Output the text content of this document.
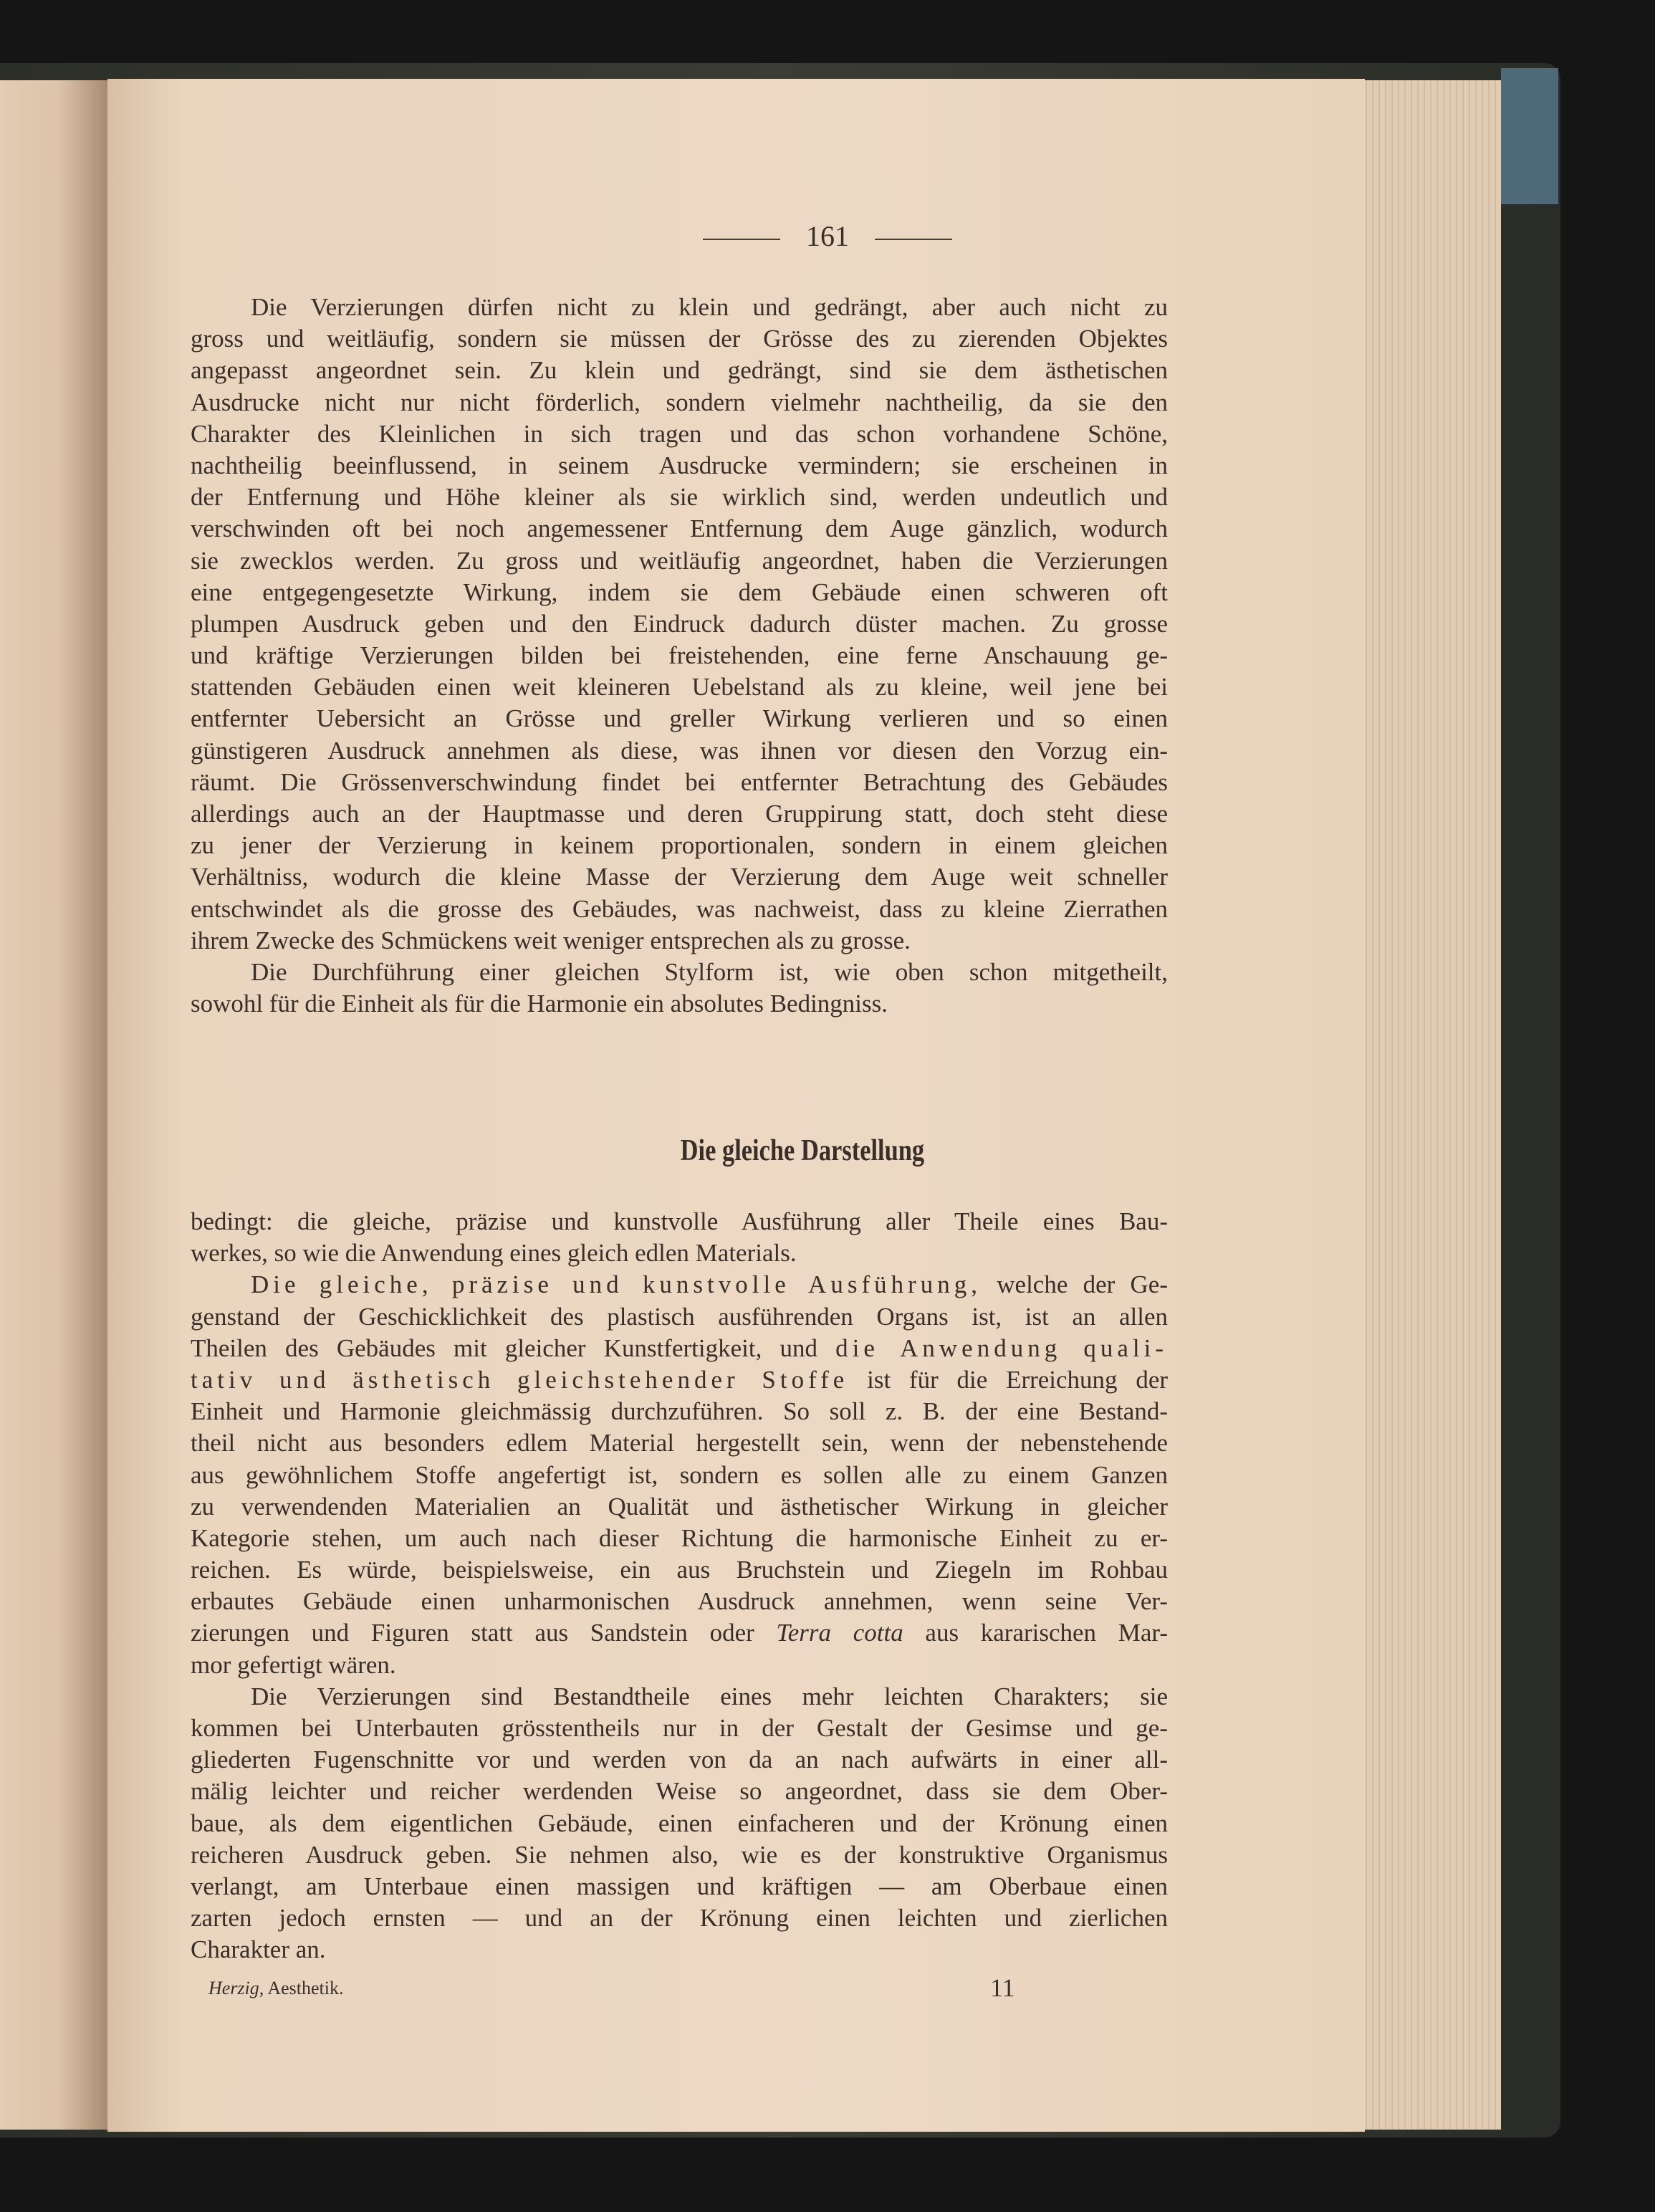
161
Die Verzierungen dürfen nicht zu klein und gedrängt, aber auch nicht zu
gross und weitläufig, sondern sie müssen der Grösse des zu zierenden Objektes
angepasst angeordnet sein. Zu klein und gedrängt, sind sie dem ästhetischen
Ausdrucke nicht nur nicht förderlich, sondern vielmehr nachtheilig, da sie den
Charakter des Kleinlichen in sich tragen und das schon vorhandene Schöne,
nachtheilig beeinflussend, in seinem Ausdrucke vermindern; sie erscheinen in
der Entfernung und Höhe kleiner als sie wirklich sind, werden undeutlich und
verschwinden oft bei noch angemessener Entfernung dem Auge gänzlich, wodurch
sie zwecklos werden. Zu gross und weitläufig angeordnet, haben die Verzierungen
eine entgegengesetzte Wirkung, indem sie dem Gebäude einen schweren oft
plumpen Ausdruck geben und den Eindruck dadurch düster machen. Zu grosse
und kräftige Verzierungen bilden bei freistehenden, eine ferne Anschauung ge-
stattenden Gebäuden einen weit kleineren Uebelstand als zu kleine, weil jene bei
entfernter Uebersicht an Grösse und greller Wirkung verlieren und so einen
günstigeren Ausdruck annehmen als diese, was ihnen vor diesen den Vorzug ein-
räumt. Die Grössenverschwindung findet bei entfernter Betrachtung des Gebäudes
allerdings auch an der Hauptmasse und deren Gruppirung statt, doch steht diese
zu jener der Verzierung in keinem proportionalen, sondern in einem gleichen
Verhältniss, wodurch die kleine Masse der Verzierung dem Auge weit schneller
entschwindet als die grosse des Gebäudes, was nachweist, dass zu kleine Zierrathen
ihrem Zwecke des Schmückens weit weniger entsprechen als zu grosse.
Die Durchführung einer gleichen Stylform ist, wie oben schon mitgetheilt,
sowohl für die Einheit als für die Harmonie ein absolutes Bedingniss.
Die gleiche Darstellung
bedingt: die gleiche, präzise und kunstvolle Ausführung aller Theile eines Bau-
werkes, so wie die Anwendung eines gleich edlen Materials.
Die gleiche, präzise und kunstvolle Ausführung, welche der Ge-
genstand der Geschicklichkeit des plastisch ausführenden Organs ist, ist an allen
Theilen des Gebäudes mit gleicher Kunstfertigkeit, und die Anwendung quali-
tativ und ästhetisch gleichstehender Stoffe ist für die Erreichung der
Einheit und Harmonie gleichmässig durchzuführen. So soll z. B. der eine Bestand-
theil nicht aus besonders edlem Material hergestellt sein, wenn der nebenstehende
aus gewöhnlichem Stoffe angefertigt ist, sondern es sollen alle zu einem Ganzen
zu verwendenden Materialien an Qualität und ästhetischer Wirkung in gleicher
Kategorie stehen, um auch nach dieser Richtung die harmonische Einheit zu er-
reichen. Es würde, beispielsweise, ein aus Bruchstein und Ziegeln im Rohbau
erbautes Gebäude einen unharmonischen Ausdruck annehmen, wenn seine Ver-
zierungen und Figuren statt aus Sandstein oder Terra cotta aus kararischen Mar-
mor gefertigt wären.
Die Verzierungen sind Bestandtheile eines mehr leichten Charakters; sie
kommen bei Unterbauten grösstentheils nur in der Gestalt der Gesimse und ge-
gliederten Fugenschnitte vor und werden von da an nach aufwärts in einer all-
mälig leichter und reicher werdenden Weise so angeordnet, dass sie dem Ober-
baue, als dem eigentlichen Gebäude, einen einfacheren und der Krönung einen
reicheren Ausdruck geben. Sie nehmen also, wie es der konstruktive Organismus
verlangt, am Unterbaue einen massigen und kräftigen — am Oberbaue einen
zarten jedoch ernsten — und an der Krönung einen leichten und zierlichen
Charakter an.
Herzig, Aesthetik.	11
